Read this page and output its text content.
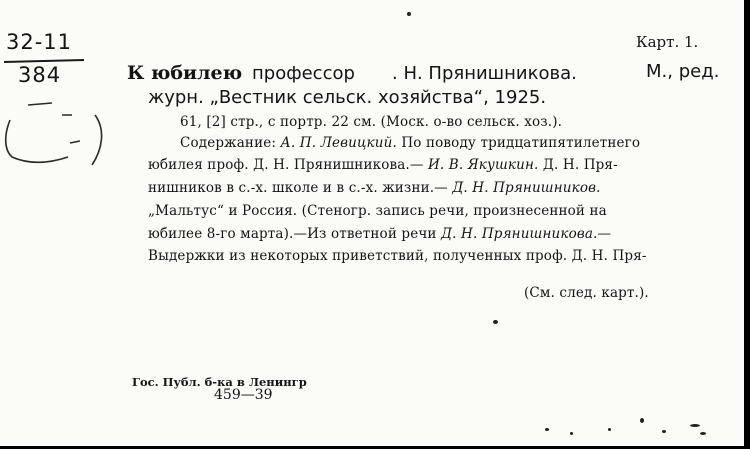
32-11
384
Карт. 1.
К юбилею профессор . Н. Прянишникова.	М., ред.
журн. „Вестник сельск. хозяйства“, 1925.
61, [2] стр., с портр. 22 см. (Моск. о-во сельск. хоз.).
Содержание: А. П. Левицкий. По поводу тридцатипятилетнего
юбилея проф. Д. Н. Прянишникова.— И. В. Якушкин. Д. Н. Пря-
нишников в с.-х. школе и в с.-х. жизни.— Д. Н. Прянишников.
„Мальтус“ и Россия. (Стеногр. запись речи, произнесенной на
юбилее 8-го марта).—Из ответной речи Д. Н. Прянишникова.—
Выдержки из некоторых приветствий, полученных проф. Д. Н. Пря-
(См. след. карт.).
Гос. Публ. б-ка в Ленингр
459—39
